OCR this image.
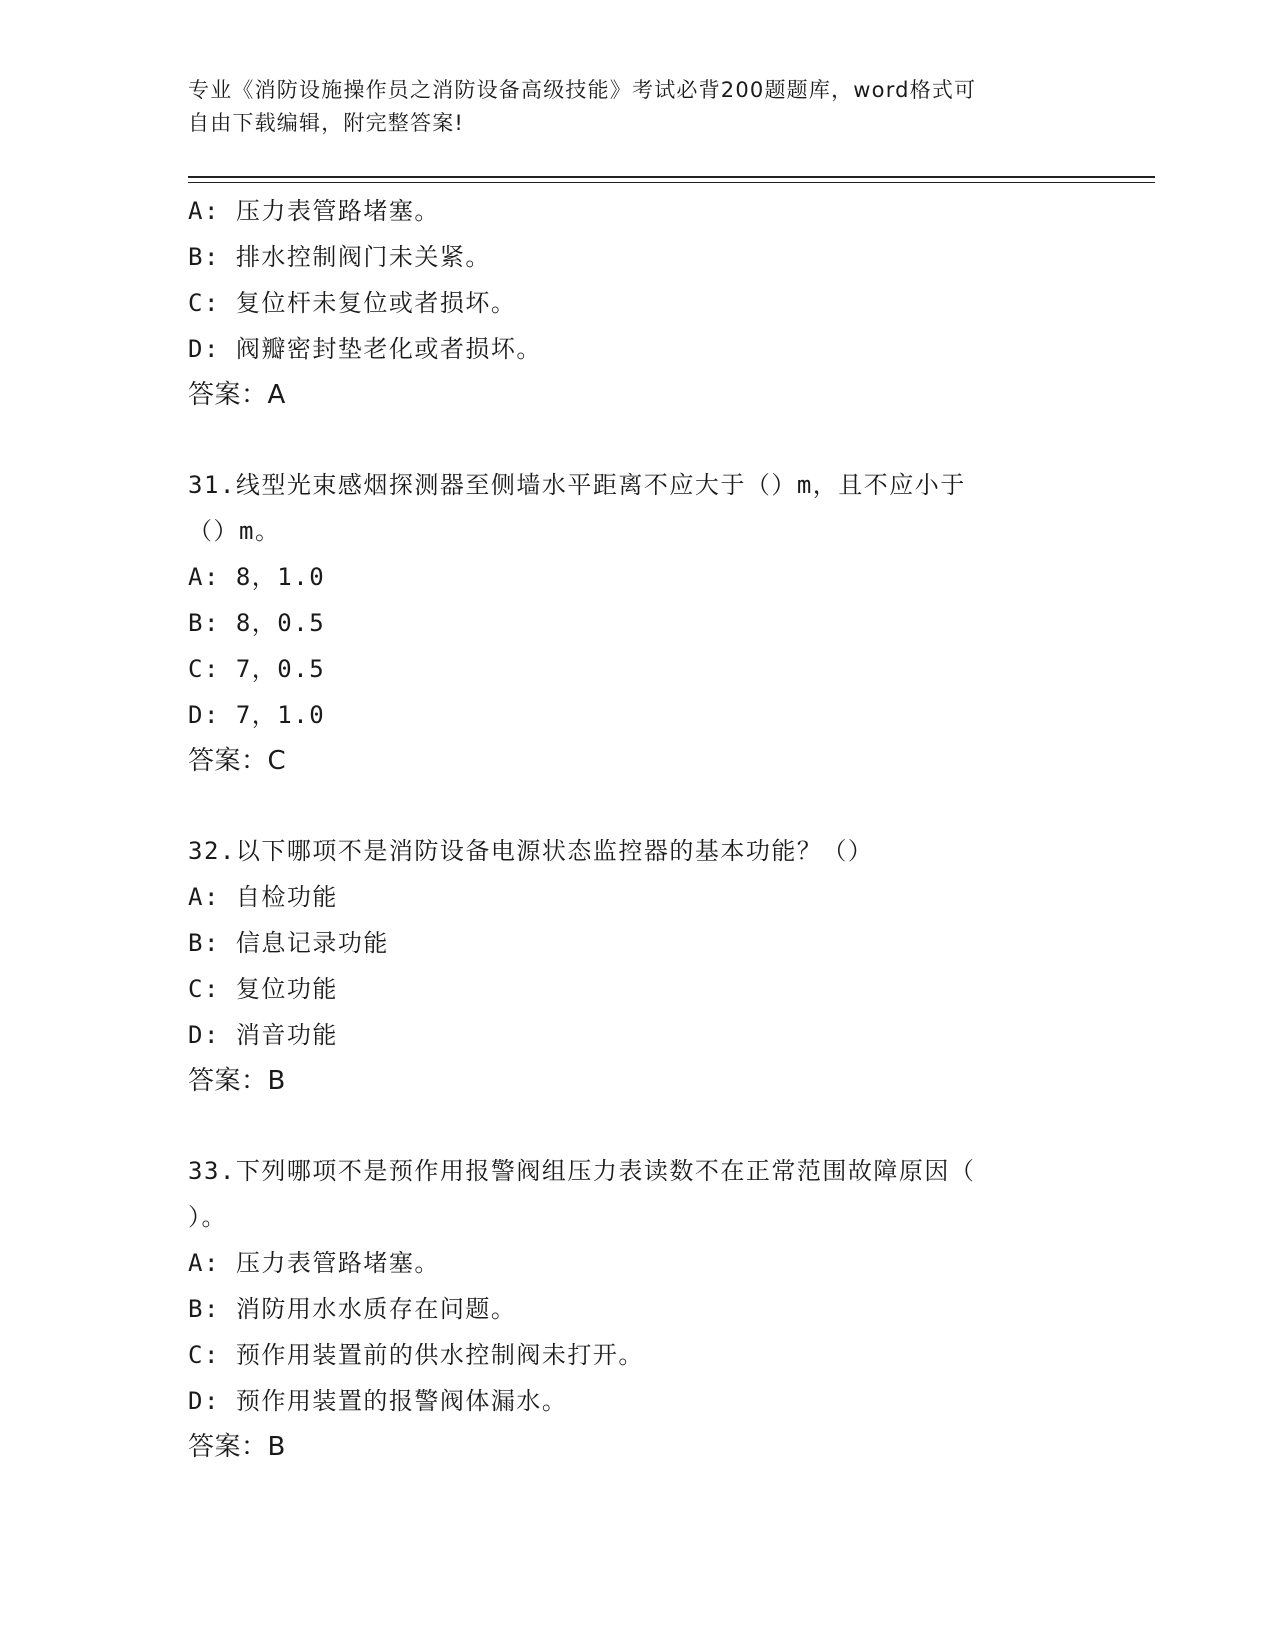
专业《消防设施操作员之消防设备高级技能》考试必背200题题库，word格式可
自由下载编辑，附完整答案!
A: 压力表管路堵塞。
B: 排水控制阀门未关紧。
C: 复位杆未复位或者损坏。
D: 阀瓣密封垫老化或者损坏。
答案：A
31.线型光束感烟探测器至侧墙水平距离不应大于（）m，且不应小于
（）m。
A: 8，1.0
B: 8，0.5
C: 7，0.5
D: 7，1.0
答案：C
32.以下哪项不是消防设备电源状态监控器的基本功能？（）
A: 自检功能
B: 信息记录功能
C: 复位功能
D: 消音功能
答案：B
33.下列哪项不是预作用报警阀组压力表读数不在正常范围故障原因（
）。
A: 压力表管路堵塞。
B: 消防用水水质存在问题。
C: 预作用装置前的供水控制阀未打开。
D: 预作用装置的报警阀体漏水。
答案：B
